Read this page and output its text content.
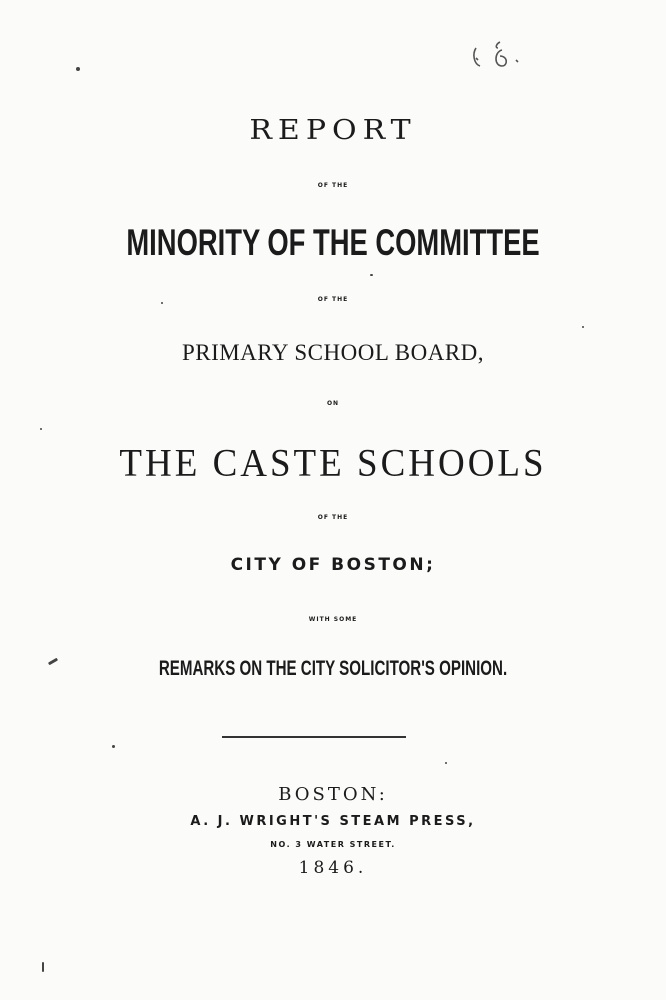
REPORT

OF THE

MINORITY OF THE COMMITTEE

OF THE

PRIMARY SCHOOL BOARD,

ON

THE CASTE SCHOOLS

OF THE

CITY OF BOSTON;

WITH SOME

REMARKS ON THE CITY SOLICITOR'S OPINION.

BOSTON:

A. J. WRIGHT'S STEAM PRESS,

NO. 3 WATER STREET.

1846.
